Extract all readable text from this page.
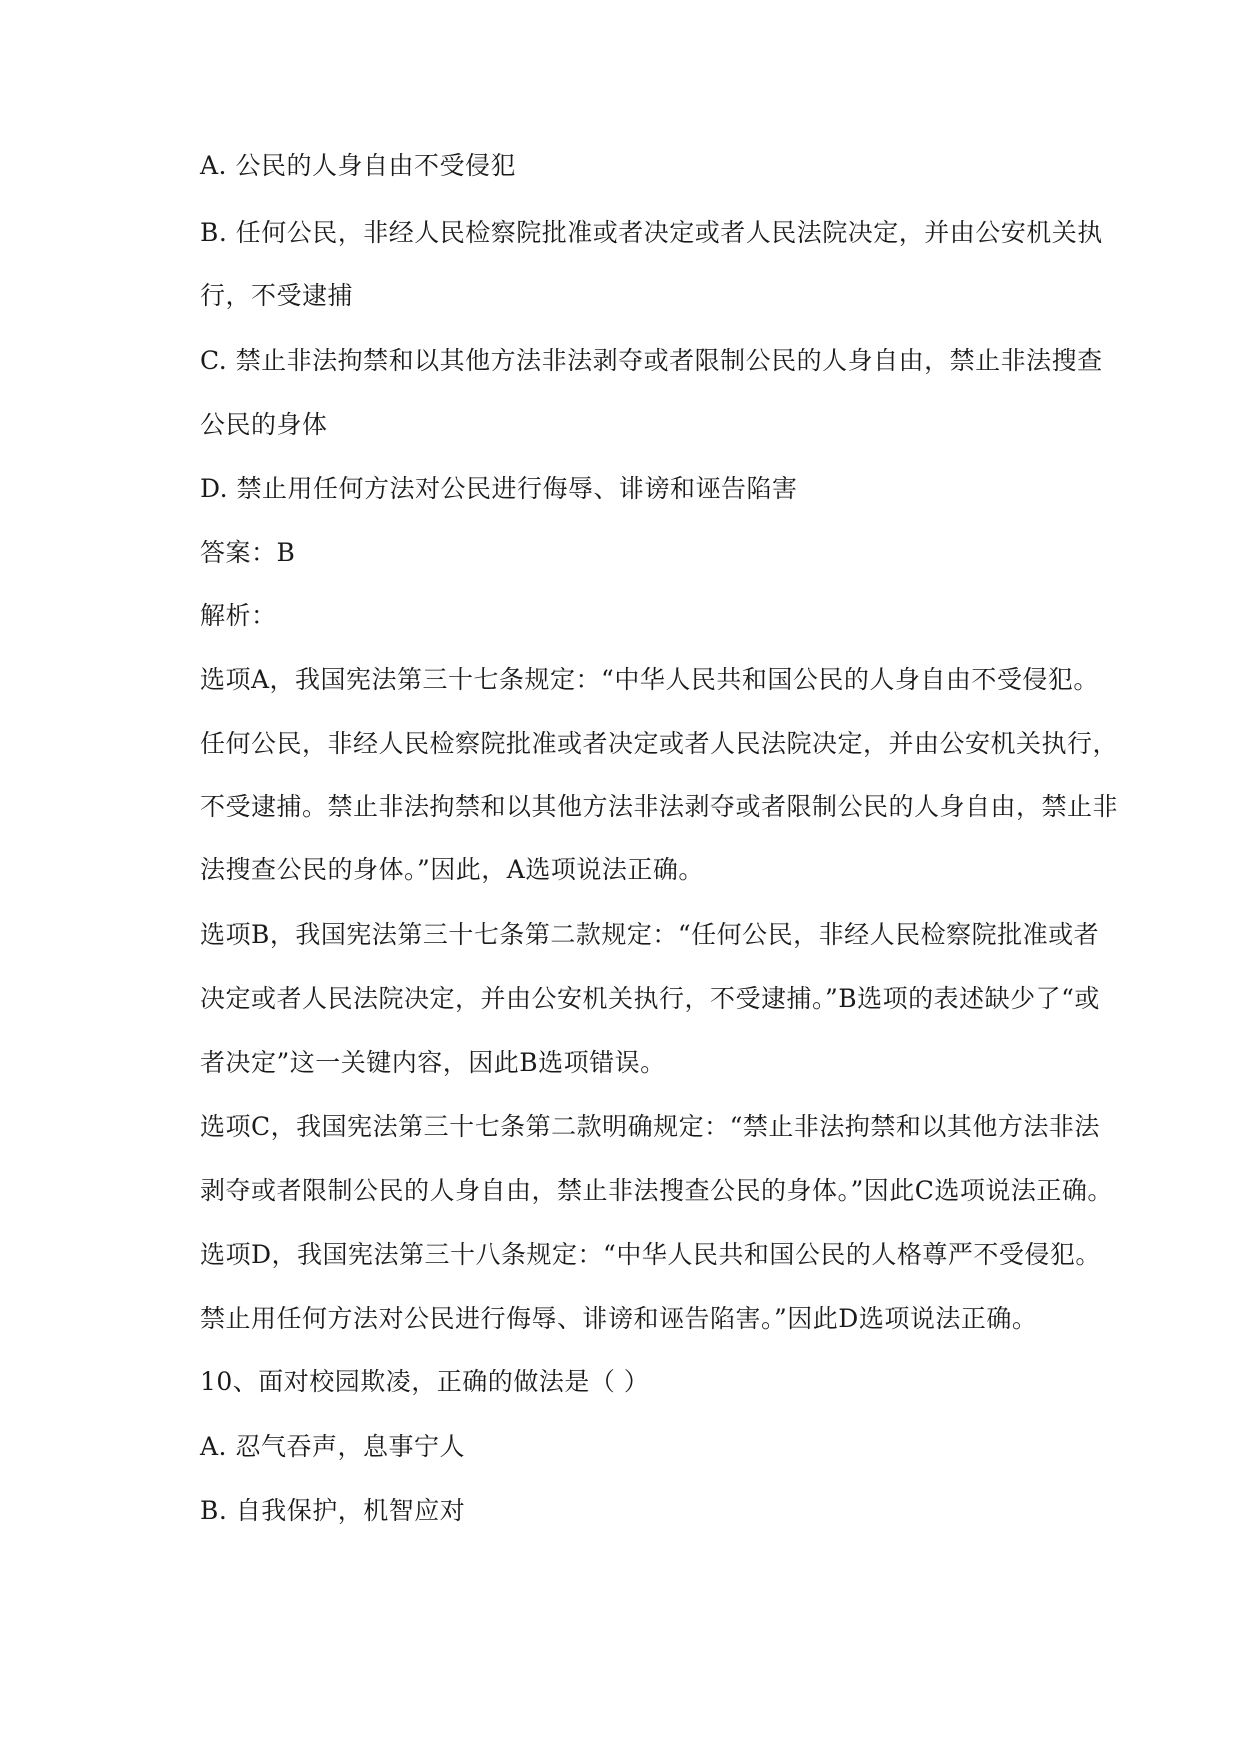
A. 公民的人身自由不受侵犯
B. 任何公民，非经人民检察院批准或者决定或者人民法院决定，并由公安机关执
行，不受逮捕
C. 禁止非法拘禁和以其他方法非法剥夺或者限制公民的人身自由，禁止非法搜查
公民的身体
D. 禁止用任何方法对公民进行侮辱、诽谤和诬告陷害
答案：B
解析：
选项A，我国宪法第三十七条规定：“中华人民共和国公民的人身自由不受侵犯。
任何公民，非经人民检察院批准或者决定或者人民法院决定，并由公安机关执行，
不受逮捕。禁止非法拘禁和以其他方法非法剥夺或者限制公民的人身自由，禁止非
法搜查公民的身体。”因此，A选项说法正确。
选项B，我国宪法第三十七条第二款规定：“任何公民，非经人民检察院批准或者
决定或者人民法院决定，并由公安机关执行，不受逮捕。”B选项的表述缺少了“或
者决定”这一关键内容，因此B选项错误。
选项C，我国宪法第三十七条第二款明确规定：“禁止非法拘禁和以其他方法非法
剥夺或者限制公民的人身自由，禁止非法搜查公民的身体。”因此C选项说法正确。
选项D，我国宪法第三十八条规定：“中华人民共和国公民的人格尊严不受侵犯。
禁止用任何方法对公民进行侮辱、诽谤和诬告陷害。”因此D选项说法正确。
10、面对校园欺凌，正确的做法是（ ）
A. 忍气吞声，息事宁人
B. 自我保护，机智应对
